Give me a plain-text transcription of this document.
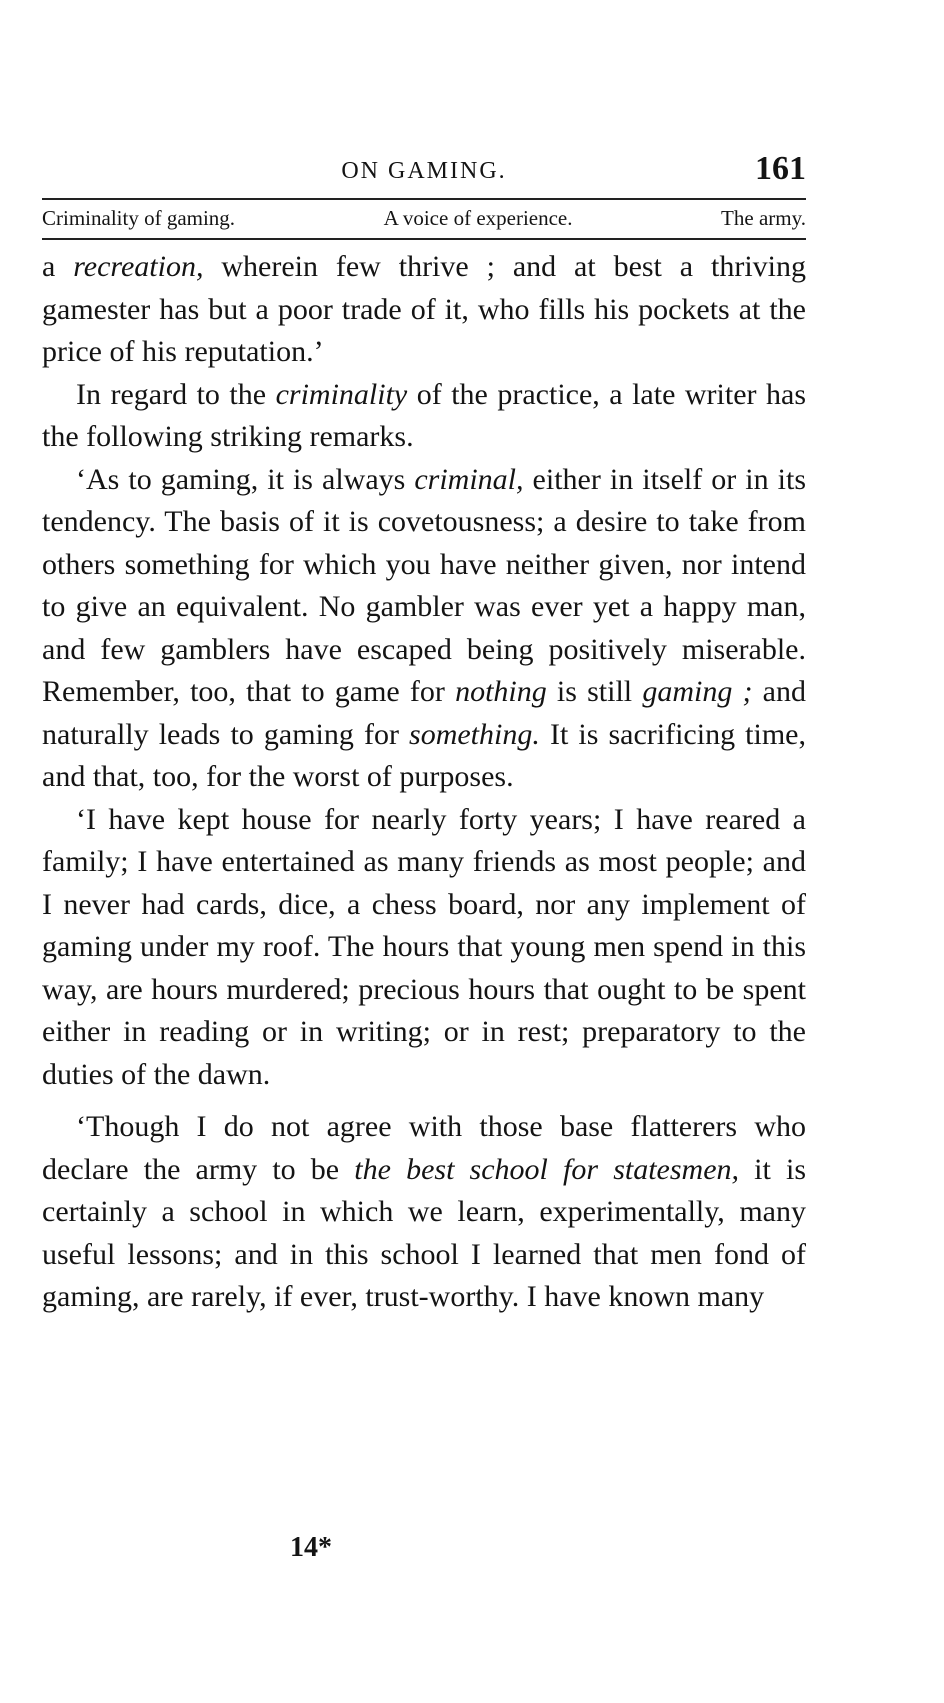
ON GAMING.	161
Criminality of gaming.	A voice of experience.	The army.

a recreation, wherein few thrive ; and at best a thriving gamester has but a poor trade of it, who fills his pockets at the price of his reputation.’

In regard to the criminality of the practice, a late writer has the following striking remarks.

‘As to gaming, it is always criminal, either in itself or in its tendency. The basis of it is covetousness; a desire to take from others something for which you have neither given, nor intend to give an equivalent. No gambler was ever yet a happy man, and few gamblers have escaped being positively miserable. Remember, too, that to game for nothing is still gaming ; and naturally leads to gaming for something. It is sacrificing time, and that, too, for the worst of purposes.

‘I have kept house for nearly forty years; I have reared a family; I have entertained as many friends as most people; and I never had cards, dice, a chess board, nor any implement of gaming under my roof. The hours that young men spend in this way, are hours murdered; precious hours that ought to be spent either in reading or in writing; or in rest; preparatory to the duties of the dawn.

‘Though I do not agree with those base flatterers who declare the army to be the best school for statesmen, it is certainly a school in which we learn, experimentally, many useful lessons; and in this school I learned that men fond of gaming, are rarely, if ever, trust-worthy. I have known many

14*
